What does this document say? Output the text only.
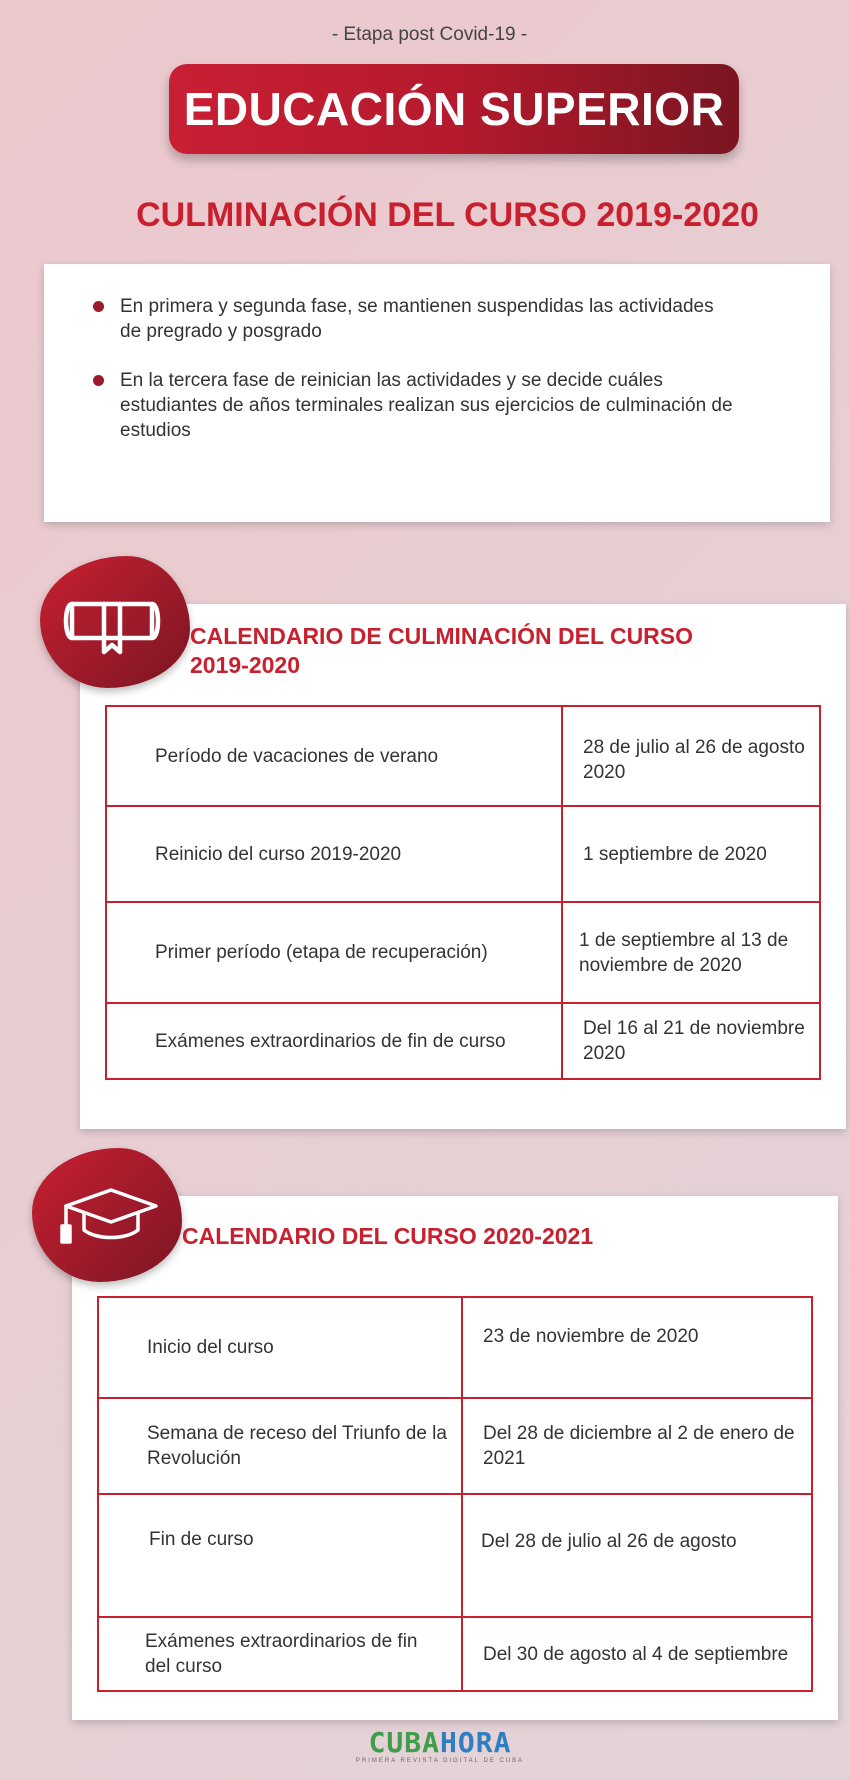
- Etapa post Covid-19 -
EDUCACIÓN SUPERIOR
CULMINACIÓN DEL CURSO 2019-2020
En primera y segunda fase, se mantienen suspendidas las actividades de pregrado y posgrado
En la tercera fase de reinician las actividades y se decide cuáles estudiantes de años terminales realizan sus ejercicios de culminación de estudios
CALENDARIO DE CULMINACIÓN DEL CURSO 2019-2020
Período de vacaciones de verano	28 de julio al 26 de agosto 2020
Reinicio del curso 2019-2020	1 septiembre de 2020
Primer período (etapa de recuperación)	1 de septiembre al 13 de noviembre de 2020
Exámenes extraordinarios de fin de curso	Del 16 al 21 de noviembre 2020
CALENDARIO DEL CURSO 2020-2021
Inicio del curso	23 de noviembre de 2020
Semana de receso del Triunfo de la Revolución	Del 28 de diciembre al 2 de enero de 2021
Fin de curso	Del 28 de julio al 26 de agosto
Exámenes extraordinarios de fin del curso	Del 30 de agosto al 4 de septiembre
CUBAHORA
PRIMERA REVISTA DIGITAL DE CUBA
